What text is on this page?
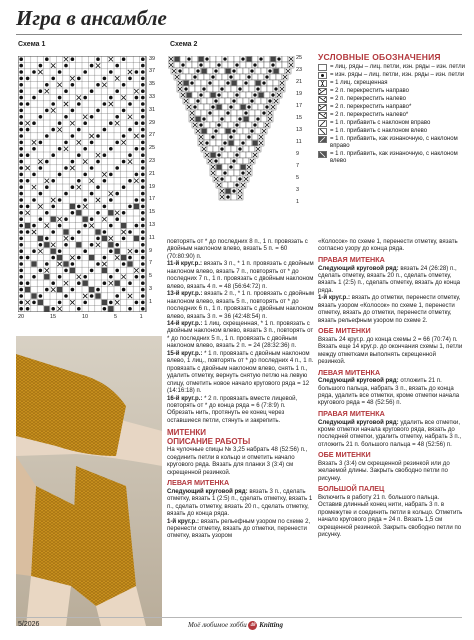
Игра в ансамбле
Схема 1	Схема 2
39
37
35
33
31
29
27
25
23
21
19
17
15
13
11
9
7
5
3
1
20	15	10	5	1
25
23
21
19
17
15
13
11
9
7
5
3
1
УСЛОВНЫЕ ОБОЗНАЧЕНИЯ
= лиц. ряды – лиц. петли, изн. ряды – изн. петли
= изн. ряды – лиц. петли, изн. ряды – изн. петли
= 1 лиц. скрещенная
= 2 п. перекрестить направо
= 2 п. перекрестить налево
= 2 п. перекрестить направо*
= 2 п. перекрестить налево*
= 1 п. прибавить с наклоном вправо
= 1 п. прибавить с наклоном влево
= 1 п. прибавить, как изнаночную, с наклоном вправо
= 1 п. прибавить, как изнаночную, с наклоном влево

повторять от * до последних 8 п., 1 п. провязать с двойным наклоном влево, вязать 5 п. = 60 (70:80:90) п.

11-й круг.р.: вязать 3 п., * 1 п. провязать с двойным наклоном влево, вязать 7 п., повторять от * до последних 7 п., 1 п. провязать с двойным наклоном влево, вязать 4 п. = 48 (56:64:72) п.

13-й круг.р.: вязать 2 п., * 1 п. провязать с двойным наклоном влево, вязать 5 п., повторять от * до последних 6 п., 1 п. провязать с двойным наклоном влево, вязать 3 п. = 36 (42:48:54) п.

14-й круг.р.: 1 лиц. скрещенная, * 1 п. провязать с двойным наклоном влево, вязать 3 п., повторять от * до последних 5 п., 1 п. провязать с двойным наклоном влево, вязать 2 п. = 24 (28:32:36) п.

15-й круг.р.: * 1 п. провязать с двойным наклоном влево, 1 лиц., повторять от * до последних 4 п., 1 п. провязать с двойным наклоном влево, снять 1 п., удалить отметку, вернуть снятую петлю на левую спицу, отметить новое начало кругового ряда = 12 (14:16:18) п.

16-й круг.р.: * 2 п. провязать вместе лицевой, повторять от * до конца ряда = 6 (7:8:9) п. Обрезать нить, протянуть ее конец через оставшиеся петли, стянуть и закрепить.

МИТЕНКИ

ОПИСАНИЕ РАБОТЫ

На чулочные спицы № 3,25 набрать 48 (52:56) п., соединить петли в кольцо и отметить начало кругового ряда. Вязать для планки 3 (3:4) см скрещенной резинкой.

ЛЕВАЯ МИТЕНКА

Следующий круговой ряд: вязать 3 п., сделать отметку, вязать 1 (2:5) п., сделать отметку, вязать 1 п., сделать отметку, вязать 20 п., сделать отметку, вязать до конца ряда.

1-й круг.р.: вязать рельефным узором по схеме 2, перенести отметку, вязать до отметки, перенести отметку, вязать узором

«Колосок» по схеме 1, перенести отметку, вязать согласно узору до конца ряда.

ПРАВАЯ МИТЕНКА

Следующий круговой ряд: вязать 24 (26:28) п., сделать отметку, вязать 20 п., сделать отметку, вязать 1 (2:5) п., сделать отметку, вязать до конца ряда.

1-й круг.р.: вязать до отметки, перенести отметку, вязать узором «Колосок» по схеме 1, перенести отметку, вязать до отметки, перенести отметку, вязать рельефным узором по схеме 2.

ОБЕ МИТЕНКИ

Вязать 24 круг.р. до конца схемы 2 = 66 (70:74) п.

Вязать еще 14 круг.р. до окончания схемы 1, петли между отметками выполнять скрещенной резинкой.

ЛЕВАЯ МИТЕНКА

Следующий круговой ряд: отложить 21 п. большого пальца, набрать 3 п., вязать до конца ряда, удалить все отметки, кроме отметки начала кругового ряда = 48 (52:56) п.

ПРАВАЯ МИТЕНКА

Следующий круговой ряд: удалить все отметки, кроме отметки начала кругового ряда, вязать до последней отметки, удалить отметку, набрать 3 п., отложить 21 п. большого пальца = 48 (52:56) п.

ОБЕ МИТЕНКИ

Вязать 3 (3:4) см скрещенной резинкой или до желаемой длины. Закрыть свободно петли по рисунку.

БОЛЬШОЙ ПАЛЕЦ

Включить в работу 21 п. большого пальца. Оставив длинный конец нити, набрать 3 п. в промежутке и соединить петли в кольцо. Отметить начало кругового ряда = 24 п. Вязать 1,5 см скрещенной резинкой. Закрыть свободно петли по рисунку.

5/2026	Моё любимое хобби 48 Knitting
